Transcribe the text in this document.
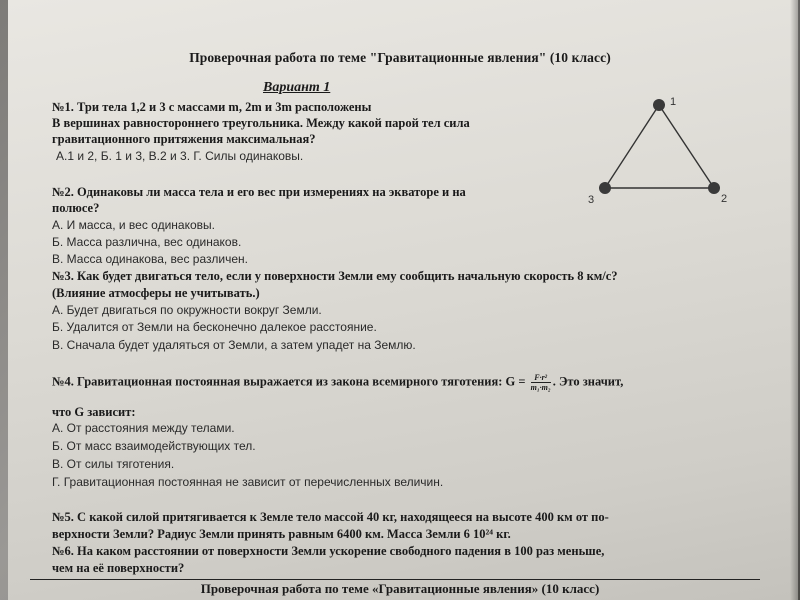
Проверочная работа по теме "Гравитационные явления" (10 класс)
Вариант 1
№1. Три тела 1,2 и 3 с массами m, 2m и 3m расположены
В вершинах равностороннего треугольника. Между какой парой тел сила
гравитационного притяжения максимальная?
А.1 и 2, Б. 1 и 3, В.2 и 3. Г. Силы одинаковы.
1
2
3
№2. Одинаковы ли масса тела и его вес при измерениях на экваторе и на
полюсе?
А. И масса, и вес одинаковы.
Б. Масса различна, вес одинаков.
В. Масса одинакова, вес различен.
№3. Как будет двигаться тело, если у поверхности Земли ему сообщить начальную скорость 8 км/с?
(Влияние атмосферы не учитывать.)
А. Будет двигаться по окружности вокруг Земли.
Б. Удалится от Земли на бесконечно далекое расстояние.
В. Сначала будет удаляться от Земли, а затем упадет на Землю.
№4. Гравитационная постоянная выражается из закона всемирного тяготения: $G = \frac{\text{F·r²}}{\text{m₁·m₂}}$ . Это значит,
что G зависит:
А. От расстояния между телами.
Б. От масс взаимодействующих тел.
В. От силы тяготения.
Г. Гравитационная постоянная не зависит от перечисленных величин.
№5. С какой силой притягивается к Земле тело массой 40 кг, находящееся на высоте 400 км от по-
верхности Земли? Радиус Земли принять равным 6400 км. Масса Земли 6 10²⁴ кг.
№6. На каком расстоянии от поверхности Земли ускорение свободного падения в 100 раз меньше,
чем на её поверхности?
Проверочная работа по теме «Гравитационные явления» (10 класс)
